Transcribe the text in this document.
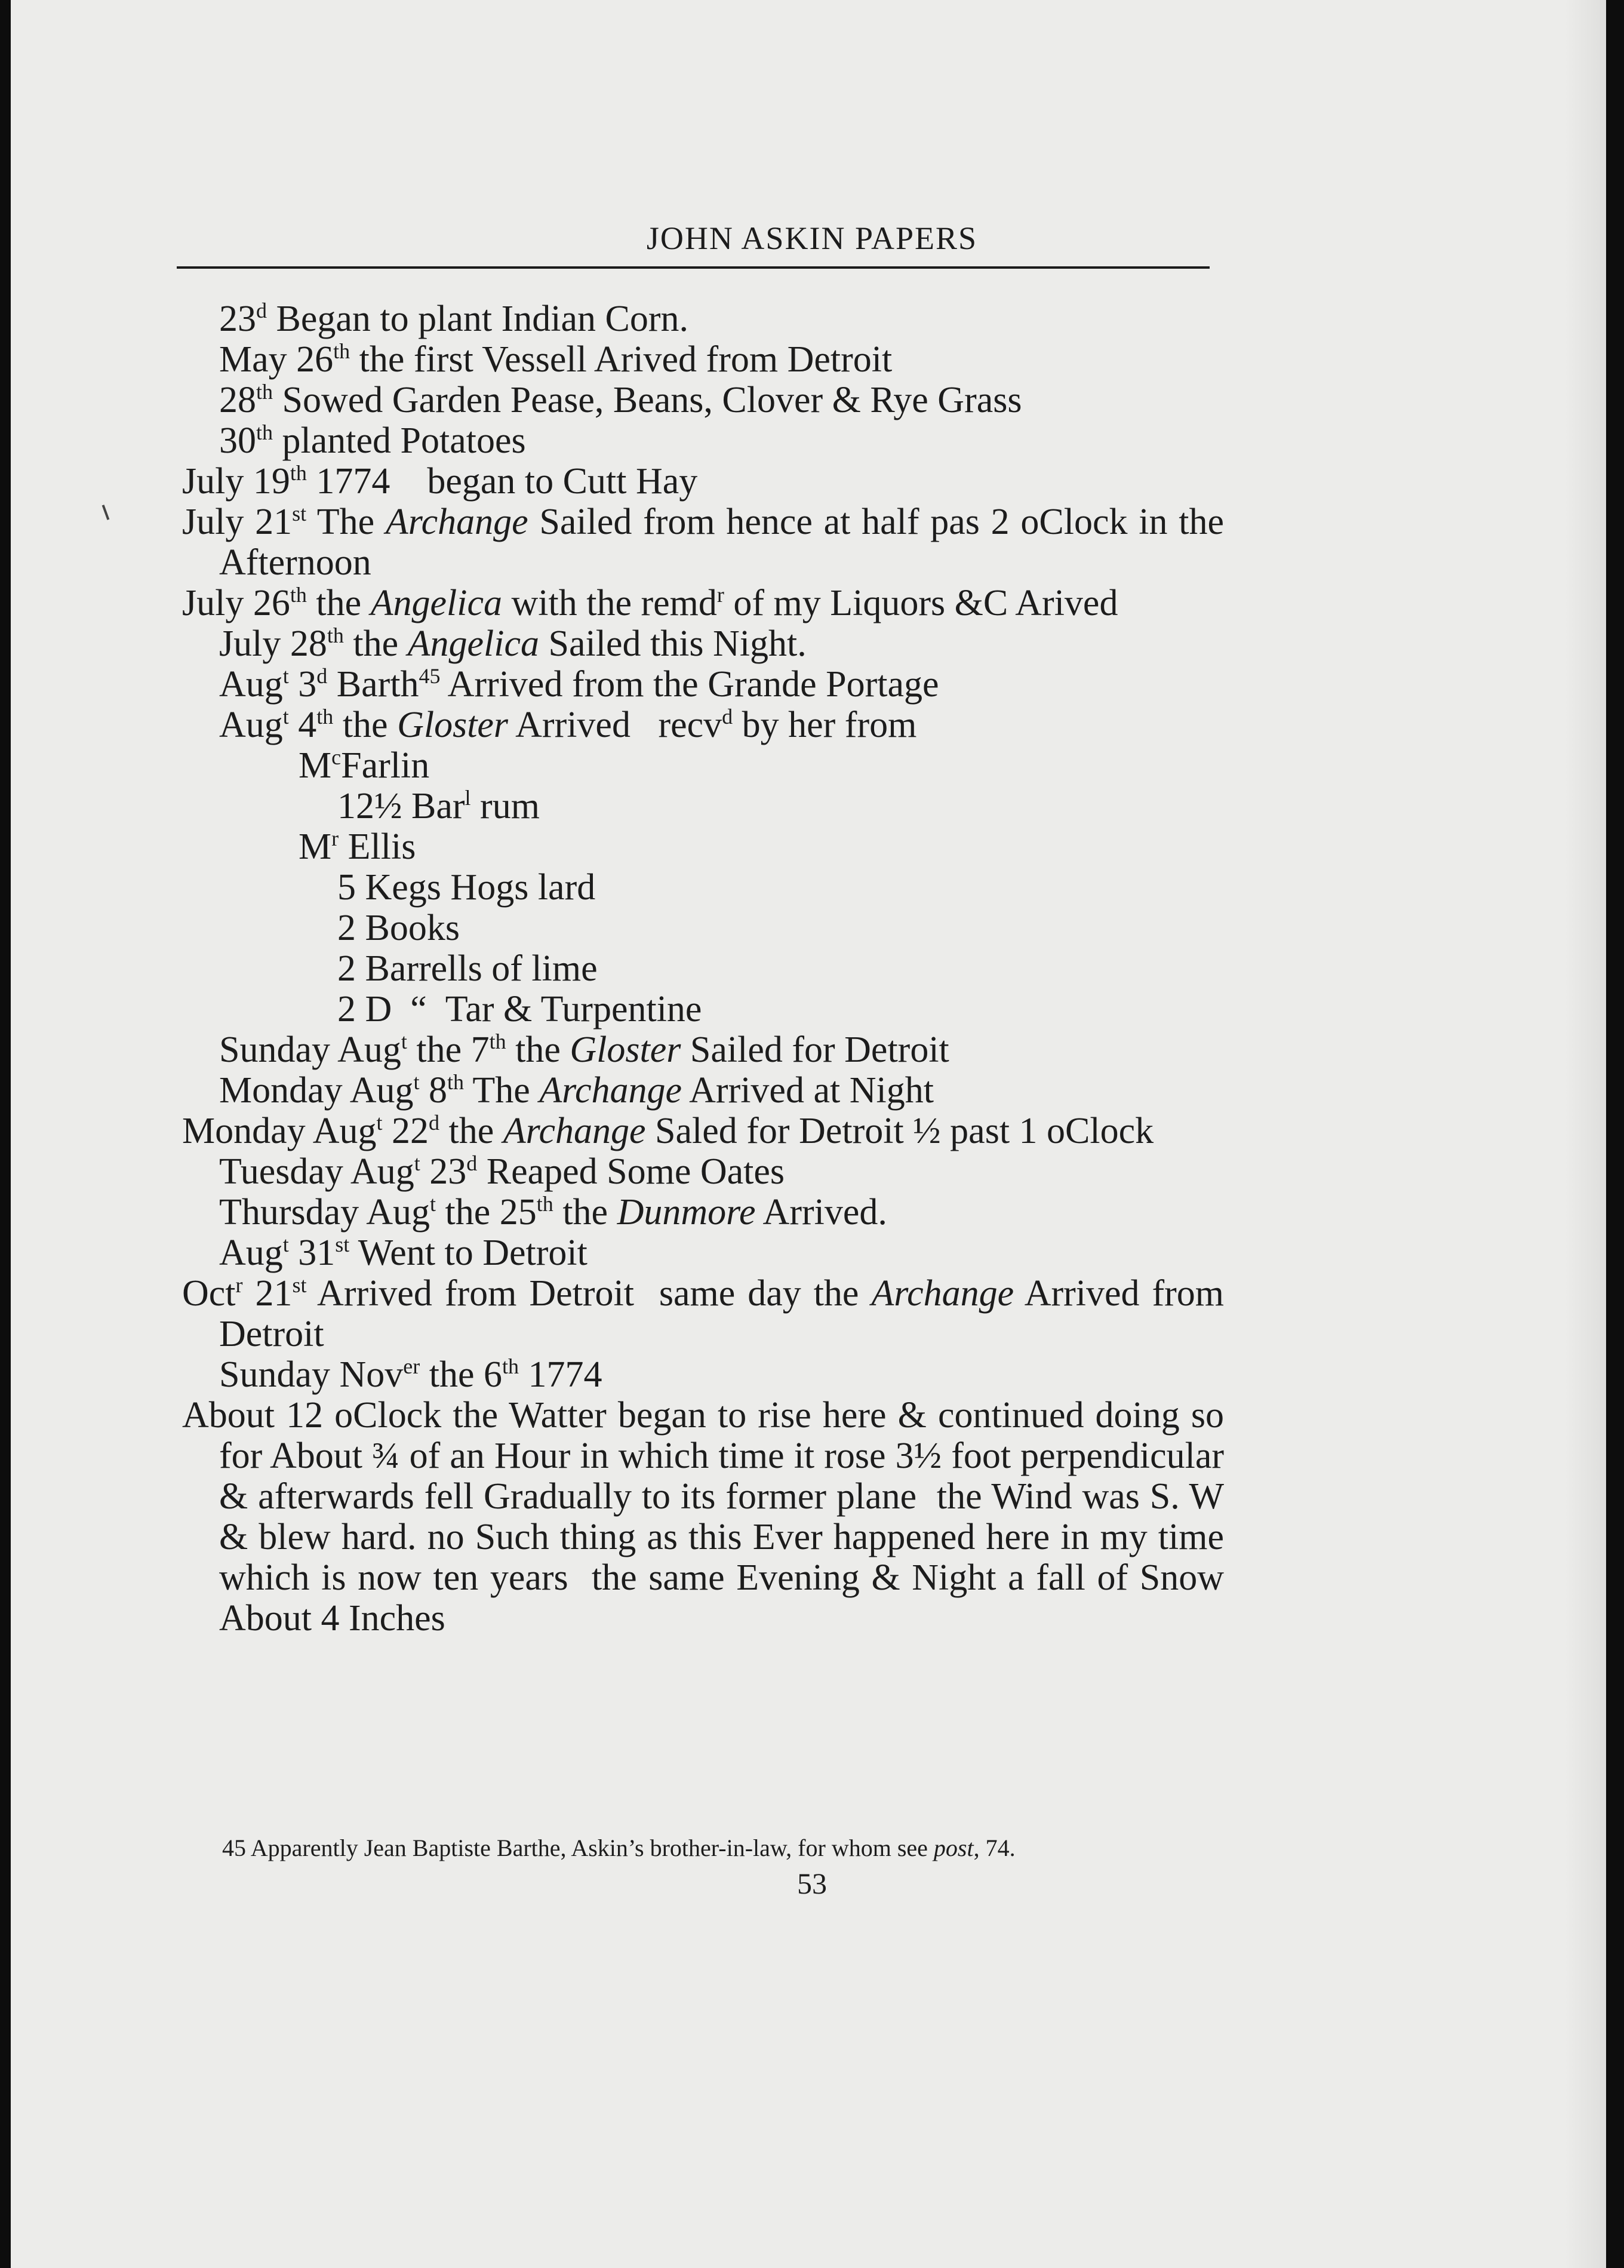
JOHN ASKIN PAPERS

23$^d$ Began to plant Indian Corn.

May 26th the first Vessell Arived from Detroit

28th Sowed Garden Pease, Beans, Clover & Rye Grass

30th planted Potatoes

July 19th 1774    began to Cutt Hay

July 21st The Archange Sailed from hence at half pas 2 oClock in the Afternoon

July 26th the Angelica with the remd$^r$ of my Liquors &C Arived

July 28th the Angelica Sailed this Night.

Aug$^t$ 3$^d$ Barth$^{45}$ Arrived from the Grande Portage

Aug$^t$ 4th the Gloster Arrived   recv$^d$ by her from

$M^cFarlin$

12½ Bar$^l$ rum

$M^r$ Ellis

5 Kegs Hogs lard

2 Books

2 Barrells of lime

2 D  “  Tar & Turpentine

Sunday Aug$^t$ the 7th the Gloster Sailed for Detroit

Monday Aug$^t$ 8th The Archange Arrived at Night

Monday Aug$^t$ 22$^d$ the Archange Saled for Detroit ½ past 1 oClock

Tuesday Aug$^t$ 23$^d$ Reaped Some Oates

Thursday Aug$^t$ the 25th the Dunmore Arrived.

Aug$^t$ 31st Went to Detroit

Oct$^r$ 21st Arrived from Detroit  same day the Archange Arrived from Detroit

Sunday Nov$^{er}$ the 6th 1774

About 12 oClock the Watter began to rise here & continued doing so for About ¾ of an Hour in which time it rose 3½ foot perpendicular & afterwards fell Gradually to its former plane  the Wind was S. W & blew hard. no Such thing as this Ever happened here in my time which is now ten years  the same Evening & Night a fall of Snow About 4 Inches

45 Apparently Jean Baptiste Barthe, Askin’s brother-in-law, for whom see post, 74.
53
